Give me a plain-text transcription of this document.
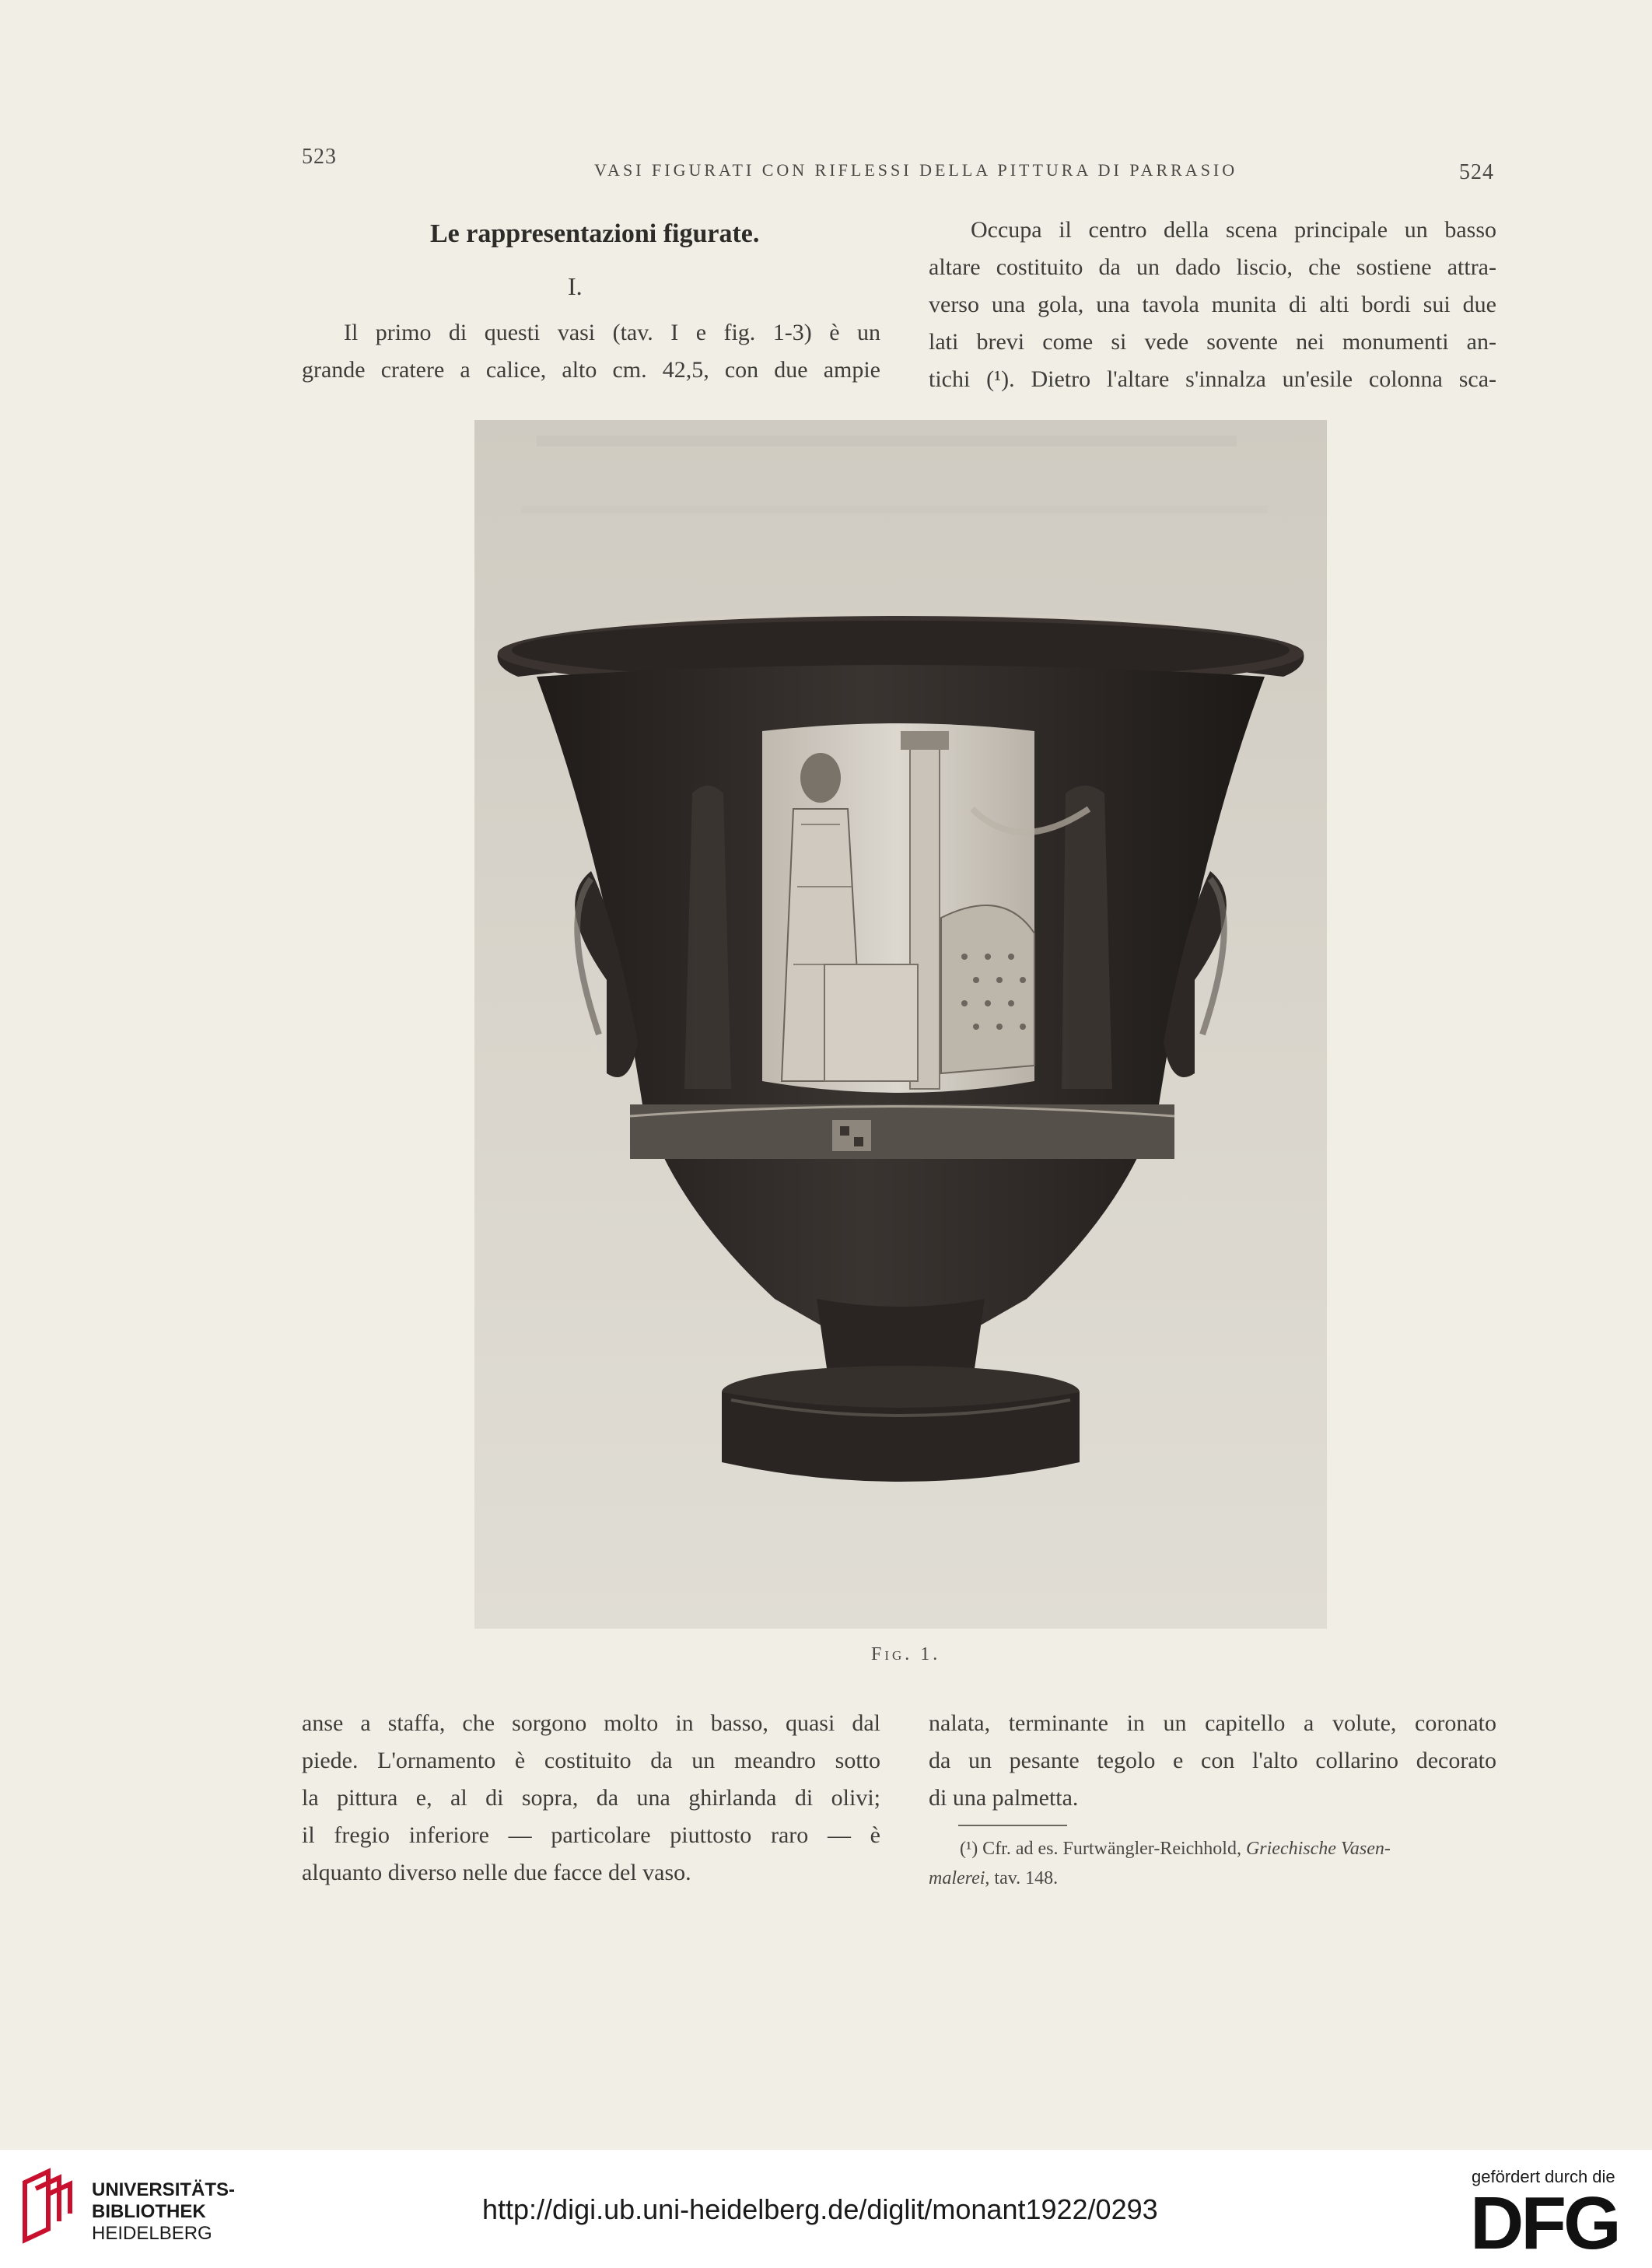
523
VASI FIGURATI CON RIFLESSI DELLA PITTURA DI PARRASIO	524
Le rappresentazioni figurate.
I.
Il primo di questi vasi (tav. I e fig. 1-3) è un
grande cratere a calice, alto cm. 42,5, con due ampie
Occupa il centro della scena principale un basso
altare costituito da un dado liscio, che sostiene attra-
verso una gola, una tavola munita di alti bordi sui due
lati brevi come si vede sovente nei monumenti an-
tichi (¹). Dietro l'altare s'innalza un'esile colonna sca-
Fig. 1.
anse a staffa, che sorgono molto in basso, quasi dal
piede. L'ornamento è costituito da un meandro sotto
la pittura e, al di sopra, da una ghirlanda di olivi;
il fregio inferiore — particolare piuttosto raro — è
alquanto diverso nelle due facce del vaso.
nalata, terminante in un capitello a volute, coronato
da un pesante tegolo e con l'alto collarino decorato
di una palmetta.
(¹) Cfr. ad es. Furtwängler-Reichhold, Griechische Vasen-
malerei, tav. 148.
UNIVERSITÄTS-
BIBLIOTHEK
HEIDELBERG
http://digi.ub.uni-heidelberg.de/diglit/monant1922/0293
gefördert durch die
DFG
